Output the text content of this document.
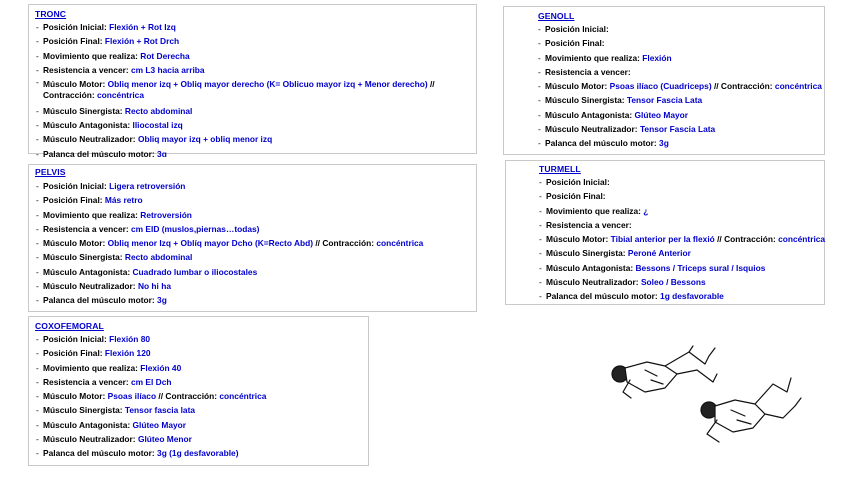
TRONC
- Posición Inicial: Flexión + Rot Izq
- Posición Final: Flexión + Rot Drch
- Movimiento que realiza: Rot Derecha
- Resistencia a vencer: cm L3 hacia arriba
- Músculo Motor: Obliq menor izq + Obliq mayor derecho (K= Oblicuo mayor izq + Menor derecho) // Contracción: concéntrica
- Músculo Sinergista: Recto abdominal
- Músculo Antagonista: Iliocostal izq
- Músculo Neutralizador: Obliq mayor izq + obliq menor izq
- Palanca del músculo motor: 3ɑ
PELVIS
- Posición Inicial: Ligera retroversión
- Posición Final: Más retro
- Movimiento que realiza: Retroversión
- Resistencia a vencer: cm EID (muslos,piernas…todas)
- Músculo Motor: Obliq menor Izq + Oblíq mayor Dcho (K=Recto Abd) // Contracción: concéntrica
- Músculo Sinergista: Recto abdominal
- Músculo Antagonista: Cuadrado lumbar o iliocostales
- Músculo Neutralizador: No hi ha
- Palanca del músculo motor: 3g
COXOFEMORAL
- Posición Inicial: Flexión 80
- Posición Final: Flexión 120
- Movimiento que realiza: Flexión 40
- Resistencia a vencer: cm El Dch
- Músculo Motor: Psoas ilíaco // Contracción: concéntrica
- Músculo Sinergista: Tensor fascia lata
- Músculo Antagonista: Glúteo Mayor
- Músculo Neutralizador: Glúteo Menor
- Palanca del músculo motor: 3g (1g desfavorable)
GENOLL
- Posición Inicial:
- Posición Final:
- Movimiento que realiza: Flexión
- Resistencia a vencer:
- Músculo Motor: Psoas ilíaco (Cuadriceps) // Contracción: concéntrica
- Músculo Sinergista: Tensor Fascia Lata
- Músculo Antagonista: Glúteo Mayor
- Músculo Neutralizador: Tensor Fascia Lata
- Palanca del músculo motor: 3g
TURMELL
- Posición Inicial:
- Posición Final:
- Movimiento que realiza: ¿
- Resistencia a vencer:
- Músculo Motor: Tibial anterior per la flexió // Contracción: concéntrica
- Músculo Sinergista: Peroné Anterior
- Músculo Antagonista: Bessons / Triceps sural / Isquios
- Músculo Neutralizador: Soleo / Bessons
- Palanca del músculo motor: 1g desfavorable
